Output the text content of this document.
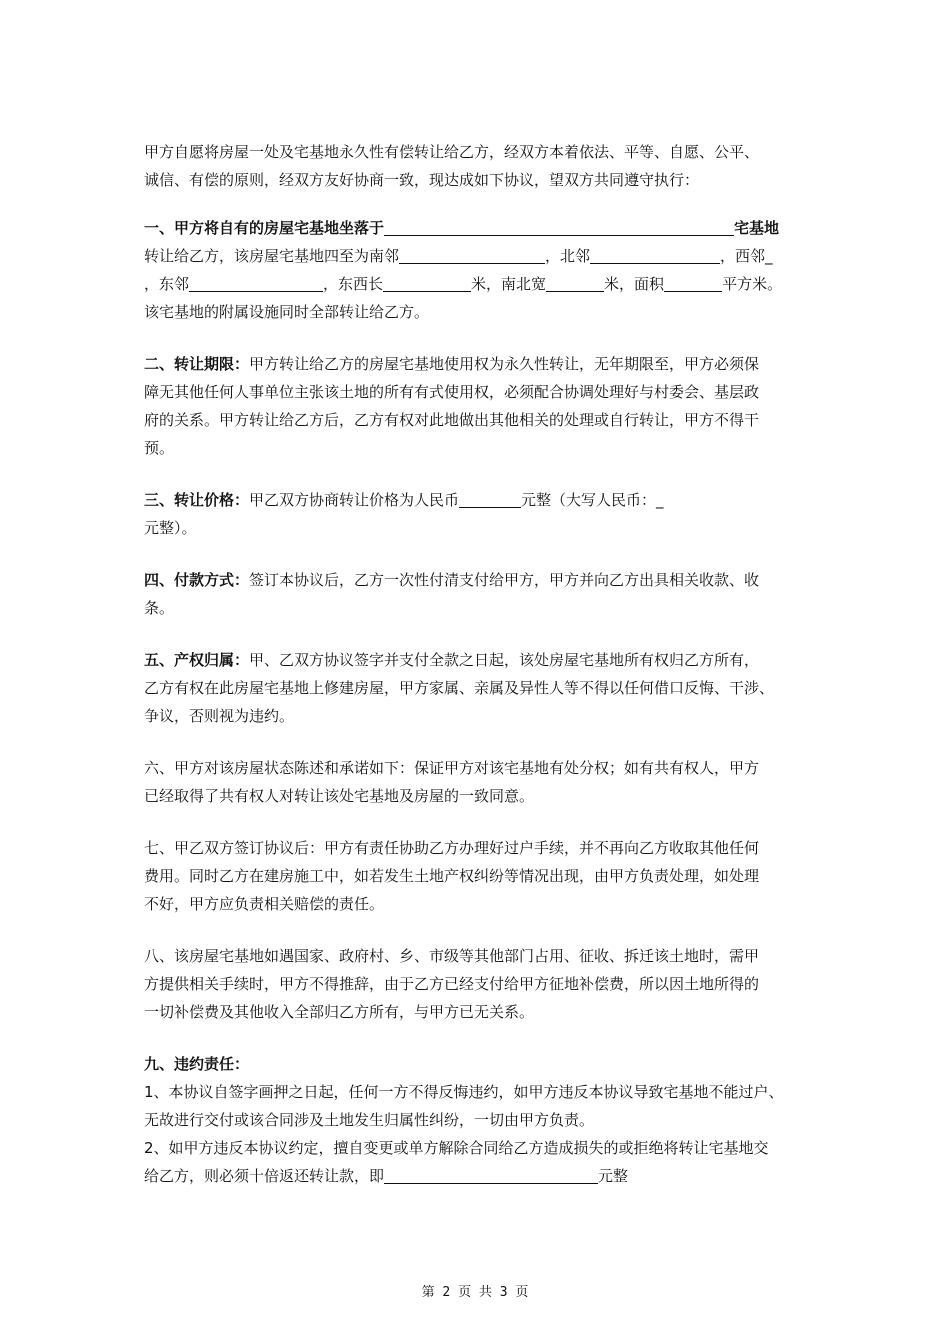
甲方自愿将房屋一处及宅基地永久性有偿转让给乙方，经双方本着依法、平等、自愿、公平、
诚信、有偿的原则，经双方友好协商一致，现达成如下协议，望双方共同遵守执行：
一、甲方将自有的房屋宅基地坐落于	宅基地
转让给乙方，该房屋宅基地四至为南邻	，北邻	，西邻_
，东邻	，东西长	米，南北宽	米，面积	平方米。
该宅基地的附属设施同时全部转让给乙方。
二、转让期限：甲方转让给乙方的房屋宅基地使用权为永久性转让，无年期限至，甲方必须保
障无其他任何人事单位主张该土地的所有有式使用权，必须配合协调处理好与村委会、基层政
府的关系。甲方转让给乙方后，乙方有权对此地做出其他相关的处理或自行转让，甲方不得干
预。
三、转让价格：甲乙双方协商转让价格为人民币	元整（大写人民币：_
元整）。
四、付款方式：签订本协议后，乙方一次性付清支付给甲方，甲方并向乙方出具相关收款、收
条。
五、产权归属：甲、乙双方协议签字并支付全款之日起，该处房屋宅基地所有权归乙方所有，
乙方有权在此房屋宅基地上修建房屋，甲方家属、亲属及异性人等不得以任何借口反悔、干涉、
争议，否则视为违约。
六、甲方对该房屋状态陈述和承诺如下：保证甲方对该宅基地有处分权；如有共有权人，甲方
已经取得了共有权人对转让该处宅基地及房屋的一致同意。
七、甲乙双方签订协议后：甲方有责任协助乙方办理好过户手续，并不再向乙方收取其他任何
费用。同时乙方在建房施工中，如若发生土地产权纠纷等情况出现，由甲方负责处理，如处理
不好，甲方应负责相关赔偿的责任。
八、该房屋宅基地如遇国家、政府村、乡、市级等其他部门占用、征收、拆迁该土地时，需甲
方提供相关手续时，甲方不得推辞，由于乙方已经支付给甲方征地补偿费，所以因土地所得的
一切补偿费及其他收入全部归乙方所有，与甲方已无关系。
九、违约责任：
1、本协议自签字画押之日起，任何一方不得反悔违约，如甲方违反本协议导致宅基地不能过户、
无故进行交付或该合同涉及土地发生归属性纠纷，一切由甲方负责。
2、如甲方违反本协议约定，擅自变更或单方解除合同给乙方造成损失的或拒绝将转让宅基地交
给乙方，则必须十倍返还转让款，即	元整
第 2 页 共 3 页
